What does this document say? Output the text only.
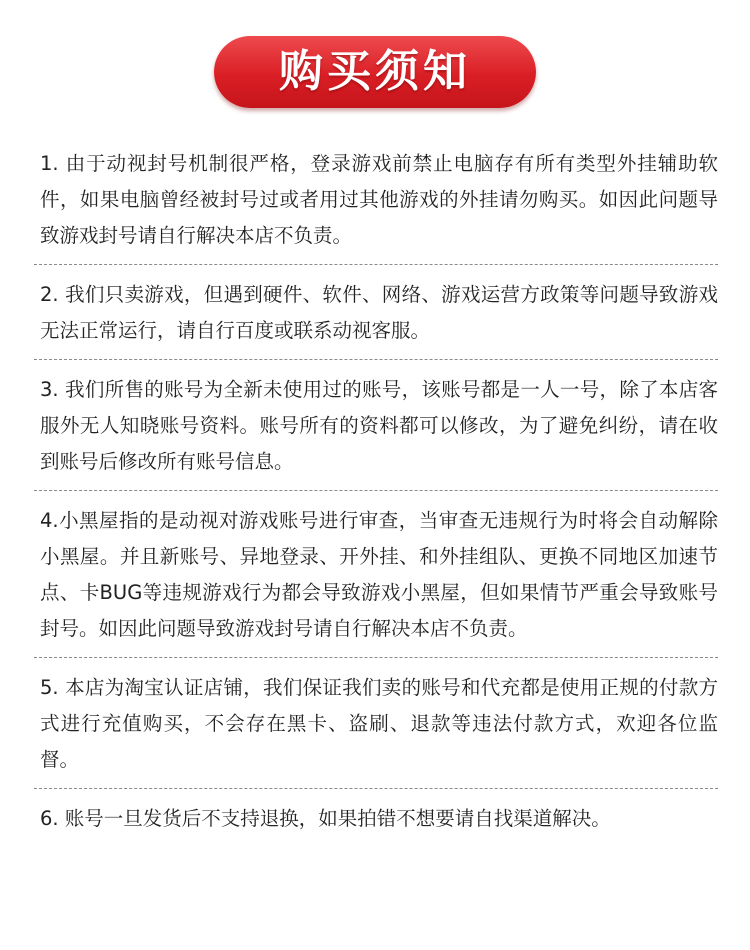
购买须知

1. 由于动视封号机制很严格，登录游戏前禁止电脑存有所有类型外挂辅助软件，如果电脑曾经被封号过或者用过其他游戏的外挂请勿购买。如因此问题导致游戏封号请自行解决本店不负责。

2. 我们只卖游戏，但遇到硬件、软件、网络、游戏运营方政策等问题导致游戏无法正常运行，请自行百度或联系动视客服。

3. 我们所售的账号为全新未使用过的账号，该账号都是一人一号，除了本店客服外无人知晓账号资料。账号所有的资料都可以修改，为了避免纠纷，请在收到账号后修改所有账号信息。

4.小黑屋指的是动视对游戏账号进行审查，当审查无违规行为时将会自动解除小黑屋。并且新账号、异地登录、开外挂、和外挂组队、更换不同地区加速节点、卡BUG等违规游戏行为都会导致游戏小黑屋，但如果情节严重会导致账号封号。如因此问题导致游戏封号请自行解决本店不负责。

5. 本店为淘宝认证店铺，我们保证我们卖的账号和代充都是使用正规的付款方式进行充值购买，不会存在黑卡、盗刷、退款等违法付款方式，欢迎各位监督。

6. 账号一旦发货后不支持退换，如果拍错不想要请自找渠道解决。
